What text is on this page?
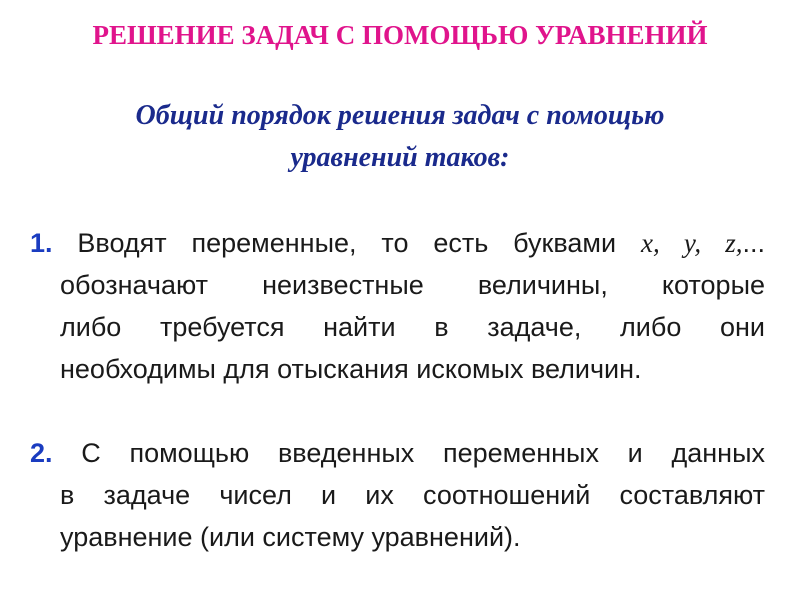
РЕШЕНИЕ ЗАДАЧ С ПОМОЩЬЮ УРАВНЕНИЙ
Общий порядок решения задач с помощью
уравнений таков:
1. Вводят переменные, то есть буквами x, y, z,...
обозначают неизвестные величины, которые
либо требуется найти в задаче, либо они
необходимы для отыскания искомых величин.
2. С помощью введенных переменных и данных
в задаче чисел и их соотношений составляют
уравнение (или систему уравнений).
